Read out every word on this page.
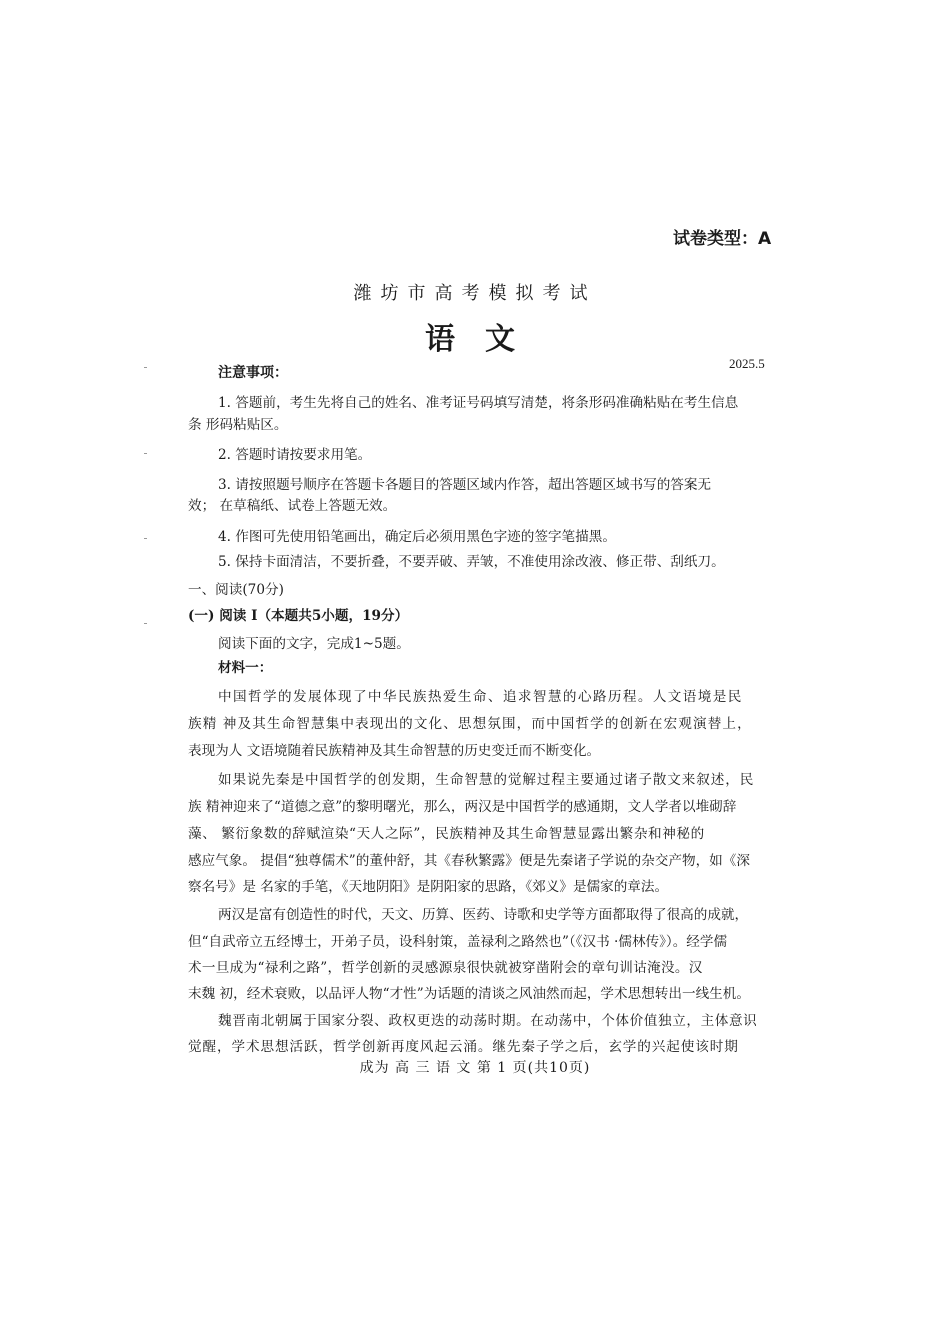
试卷类型：A
潍坊市高考模拟考试
语文
2025.5
注意事项：
1. 答题前，考生先将自己的姓名、准考证号码填写清楚，将条形码准确粘贴在考生信息
条 形码粘贴区。
2. 答题时请按要求用笔。
3. 请按照题号顺序在答题卡各题目的答题区域内作答，超出答题区域书写的答案无
效； 在草稿纸、试卷上答题无效。
4. 作图可先使用铅笔画出，确定后必须用黑色字迹的签字笔描黑。
5. 保持卡面清洁，不要折叠，不要弄破、弄皱，不准使用涂改液、修正带、刮纸刀。
一、阅读(70分)
(一) 阅读 I（本题共5小题，19分）
阅读下面的文字，完成1~5题。
材料一：
中国哲学的发展体现了中华民族热爱生命、追求智慧的心路历程。人文语境是民
族精 神及其生命智慧集中表现出的文化、思想氛围，而中国哲学的创新在宏观演替上，
表现为人 文语境随着民族精神及其生命智慧的历史变迁而不断变化。
如果说先秦是中国哲学的创发期，生命智慧的觉解过程主要通过诸子散文来叙述，民
族 精神迎来了“道德之意”的黎明曙光，那么，两汉是中国哲学的感通期，文人学者以堆砌辞
藻、 繁衍象数的辞赋渲染“天人之际”，民族精神及其生命智慧显露出繁杂和神秘的
感应气象。 提倡“独尊儒术”的董仲舒，其《春秋繁露》便是先秦诸子学说的杂交产物，如《深
察名号》是 名家的手笔，《天地阴阳》是阴阳家的思路，《郊义》是儒家的章法。
两汉是富有创造性的时代，天文、历算、医药、诗歌和史学等方面都取得了很高的成就，
但“自武帝立五经博士，开弟子员，设科射策，盖禄利之路然也”（《汉书 ·儒林传》）。经学儒
术一旦成为“禄利之路”，哲学创新的灵感源泉很快就被穿凿附会的章句训诂淹没。汉
末魏 初，经术衰败，以品评人物“才性”为话题的清谈之风油然而起，学术思想转出一线生机。
魏晋南北朝属于国家分裂、政权更迭的动荡时期。在动荡中，个体价值独立，主体意识
觉醒，学术思想活跃，哲学创新再度风起云涌。继先秦子学之后，玄学的兴起使该时期
成为 高 三 语 文 第 1 页(共10页)
